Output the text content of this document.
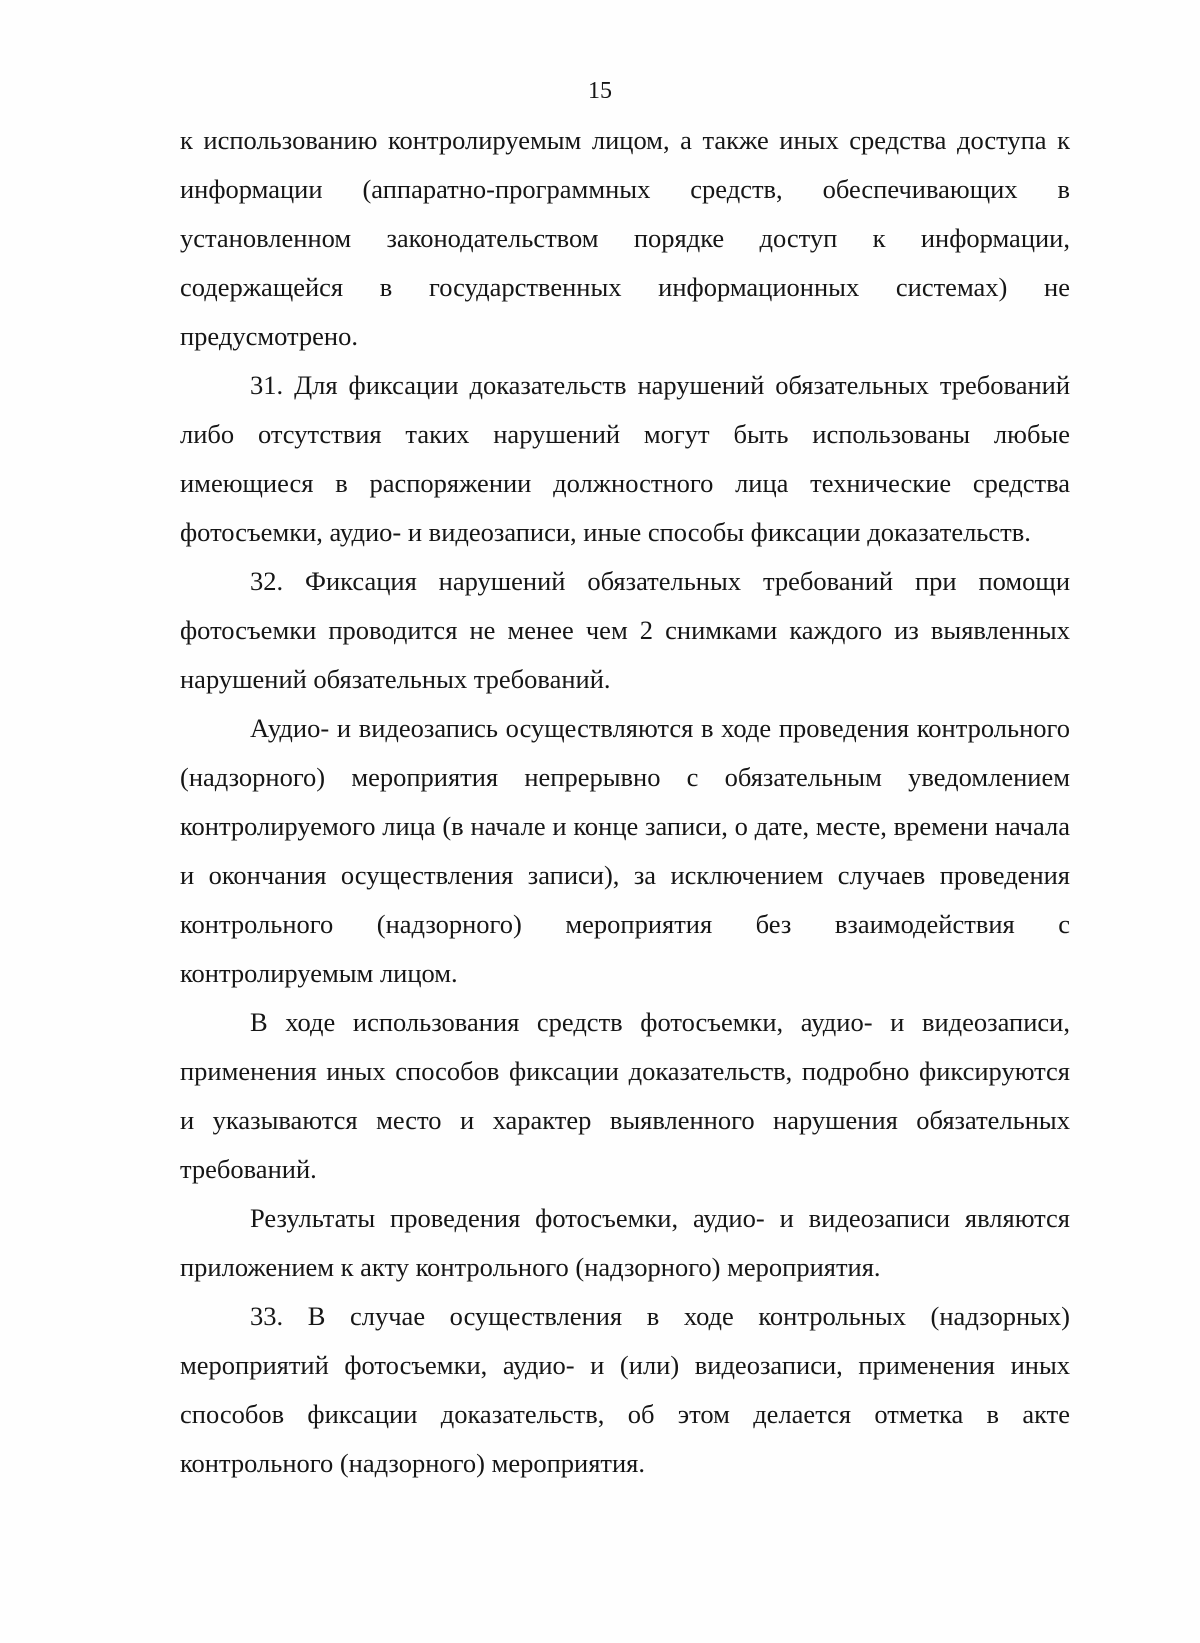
15

к использованию контролируемым лицом, а также иных средства доступа к информации (аппаратно-программных средств, обеспечивающих в установленном законодательством порядке доступ к информации, содержащейся в государственных информационных системах) не предусмотрено.

31. Для фиксации доказательств нарушений обязательных требований либо отсутствия таких нарушений могут быть использованы любые имеющиеся в распоряжении должностного лица технические средства фотосъемки, аудио- и видеозаписи, иные способы фиксации доказательств.

32. Фиксация нарушений обязательных требований при помощи фотосъемки проводится не менее чем 2 снимками каждого из выявленных нарушений обязательных требований.

Аудио- и видеозапись осуществляются в ходе проведения контрольного (надзорного) мероприятия непрерывно с обязательным уведомлением контролируемого лица (в начале и конце записи, о дате, месте, времени начала и окончания осуществления записи), за исключением случаев проведения контрольного (надзорного) мероприятия без взаимодействия с контролируемым лицом.

В ходе использования средств фотосъемки, аудио- и видеозаписи, применения иных способов фиксации доказательств, подробно фиксируются и указываются место и характер выявленного нарушения обязательных требований.

Результаты проведения фотосъемки, аудио- и видеозаписи являются приложением к акту контрольного (надзорного) мероприятия.

33. В случае осуществления в ходе контрольных (надзорных) мероприятий фотосъемки, аудио- и (или) видеозаписи, применения иных способов фиксации доказательств, об этом делается отметка в акте контрольного (надзорного) мероприятия.
